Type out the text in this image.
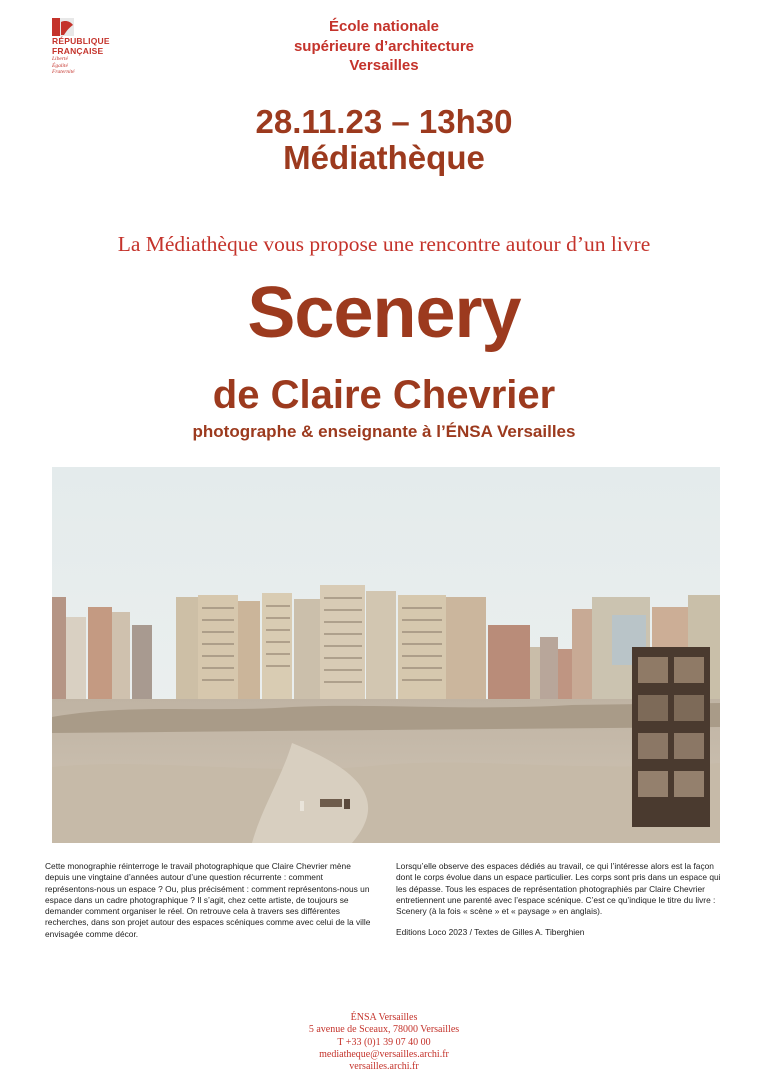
RÉPUBLIQUE
FRANÇAISE
Liberté
Égalité
Fraternité
École nationale
supérieure d’architecture
Versailles
28.11.23 – 13h30
Médiathèque
La Médiathèque vous propose une rencontre autour d’un livre
Scenery
de Claire Chevrier
photographe & enseignante à l’ÉNSA Versailles
Cette monographie réinterroge le travail photographique que Claire Chevrier mène depuis une vingtaine d’années autour d’une question récurrente : comment représentons-nous un espace ? Ou, plus précisément : comment représentons-nous un espace dans un cadre photographique ? Il s’agit, chez cette artiste, de toujours se demander comment organiser le réel. On retrouve cela à travers ses différentes recherches, dans son projet autour des espaces scéniques comme avec celui de la ville envisagée comme décor.
Lorsqu’elle observe des espaces dédiés au travail, ce qui l’intéresse alors est la façon dont le corps évolue dans un espace particulier. Les corps sont pris dans un espace qui les dépasse. Tous les espaces de représentation photographiés par Claire Chevrier entretiennent une parenté avec l’espace scénique. C’est ce qu’indique le titre du livre : Scenery (à la fois « scène » et « paysage » en anglais).
Editions Loco 2023 / Textes de Gilles A. Tiberghien
ÉNSA Versailles
5 avenue de Sceaux, 78000 Versailles
T +33 (0)1 39 07 40 00
mediatheque@versailles.archi.fr
versailles.archi.fr
